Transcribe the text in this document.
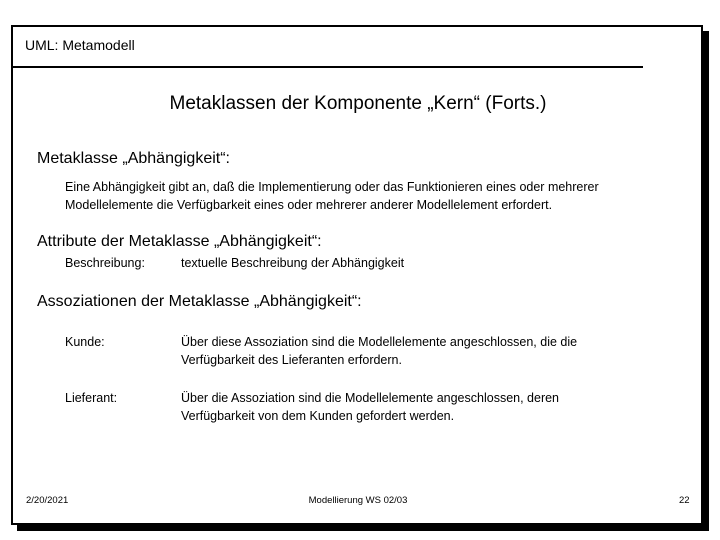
UML: Metamodell
Metaklassen der Komponente „Kern“ (Forts.)
Metaklasse „Abhängigkeit“:
Eine Abhängigkeit gibt an, daß die Implementierung oder das Funktionieren eines oder mehrerer
Modellelemente die Verfügbarkeit eines oder mehrerer anderer Modellelement erfordert.
Attribute der Metaklasse „Abhängigkeit“:
Beschreibung:	textuelle Beschreibung der Abhängigkeit
Assoziationen der Metaklasse „Abhängigkeit“:
Kunde:	Über diese Assoziation sind die Modellelemente angeschlossen, die die
Verfügbarkeit des Lieferanten erfordern.
Lieferant:	Über die Assoziation sind die Modellelemente angeschlossen, deren
Verfügbarkeit von dem Kunden gefordert werden.
2/20/2021	Modellierung WS 02/03	22
